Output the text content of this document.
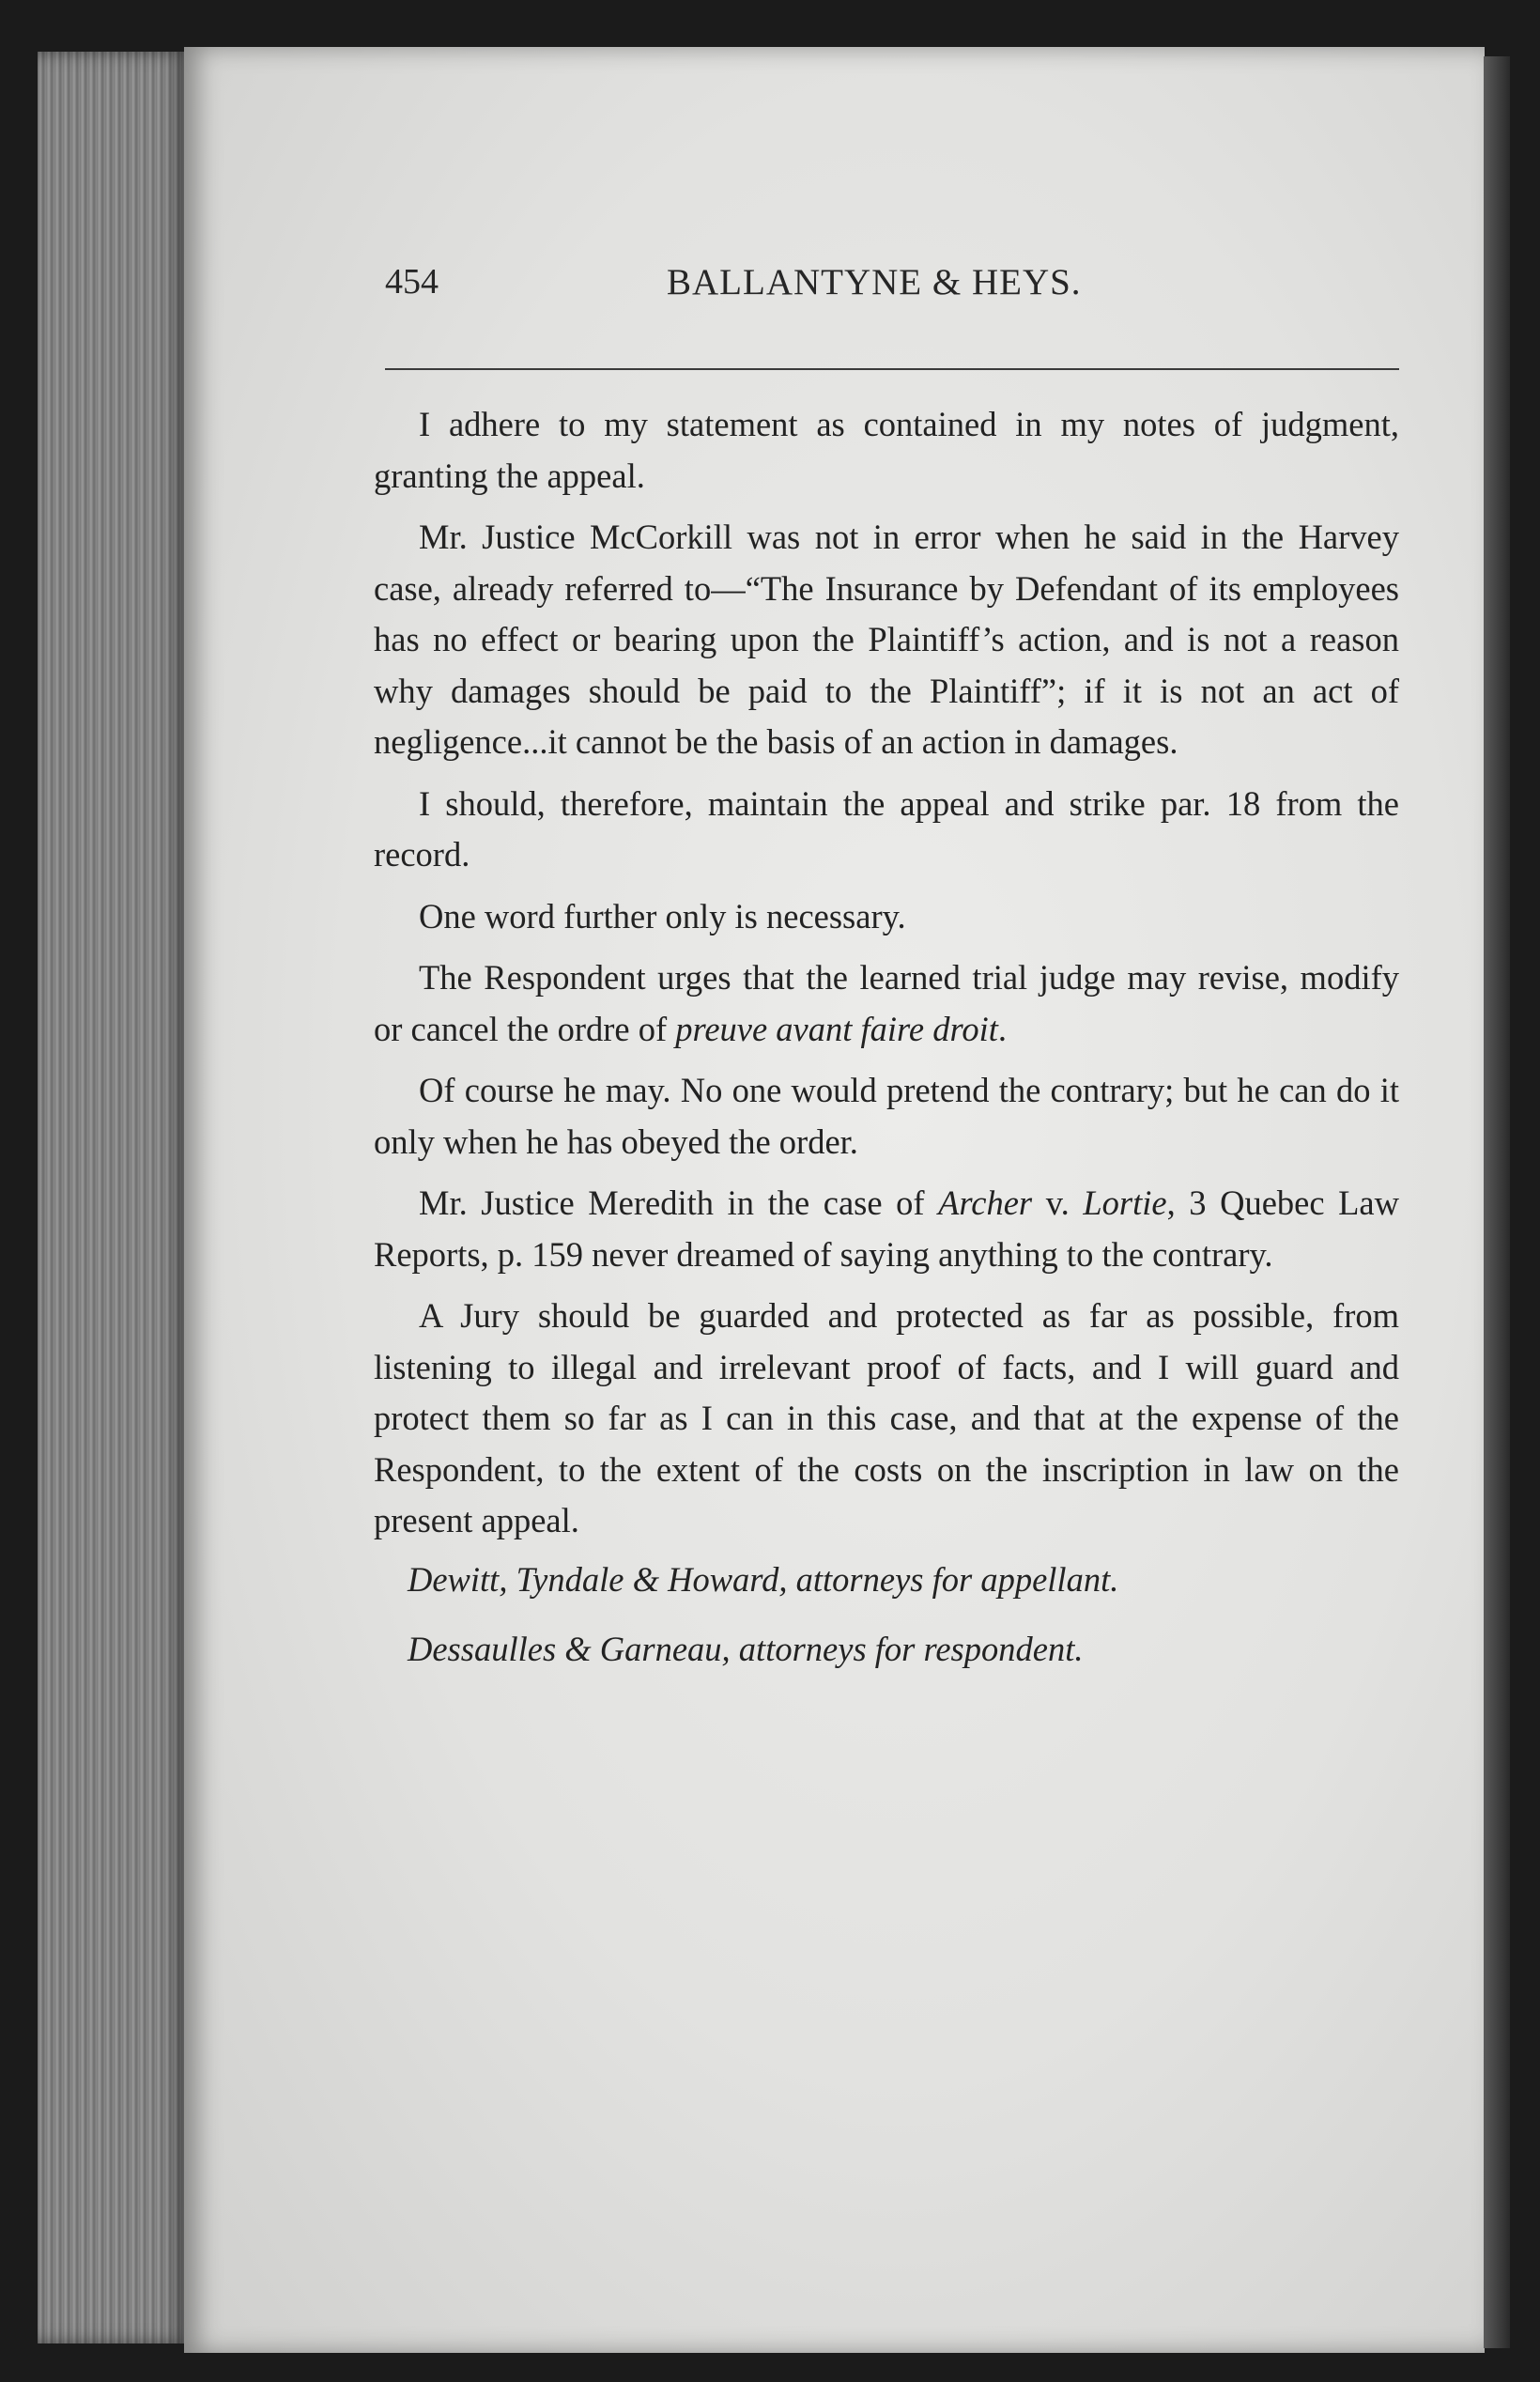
454	BALLANTYNE & HEYS.

I adhere to my statement as contained in my notes of judgment, granting the appeal.

Mr. Justice McCorkill was not in error when he said in the Harvey case, already referred to—“The Insurance by Defendant of its employees has no effect or bearing upon the Plaintiff’s action, and is not a reason why damages should be paid to the Plaintiff”; if it is not an act of negligence...it cannot be the basis of an action in damages.

I should, therefore, maintain the appeal and strike par. 18 from the record.

One word further only is necessary.

The Respondent urges that the learned trial judge may revise, modify or cancel the ordre of preuve avant faire droit.

Of course he may. No one would pretend the contrary; but he can do it only when he has obeyed the order.

Mr. Justice Meredith in the case of Archer v. Lortie, 3 Quebec Law Reports, p. 159 never dreamed of saying anything to the contrary.

A Jury should be guarded and protected as far as possible, from listening to illegal and irrelevant proof of facts, and I will guard and protect them so far as I can in this case, and that at the expense of the Respondent, to the extent of the costs on the inscription in law on the present appeal.

Dewitt, Tyndale & Howard, attorneys for appellant.

Dessaulles & Garneau, attorneys for respondent.
